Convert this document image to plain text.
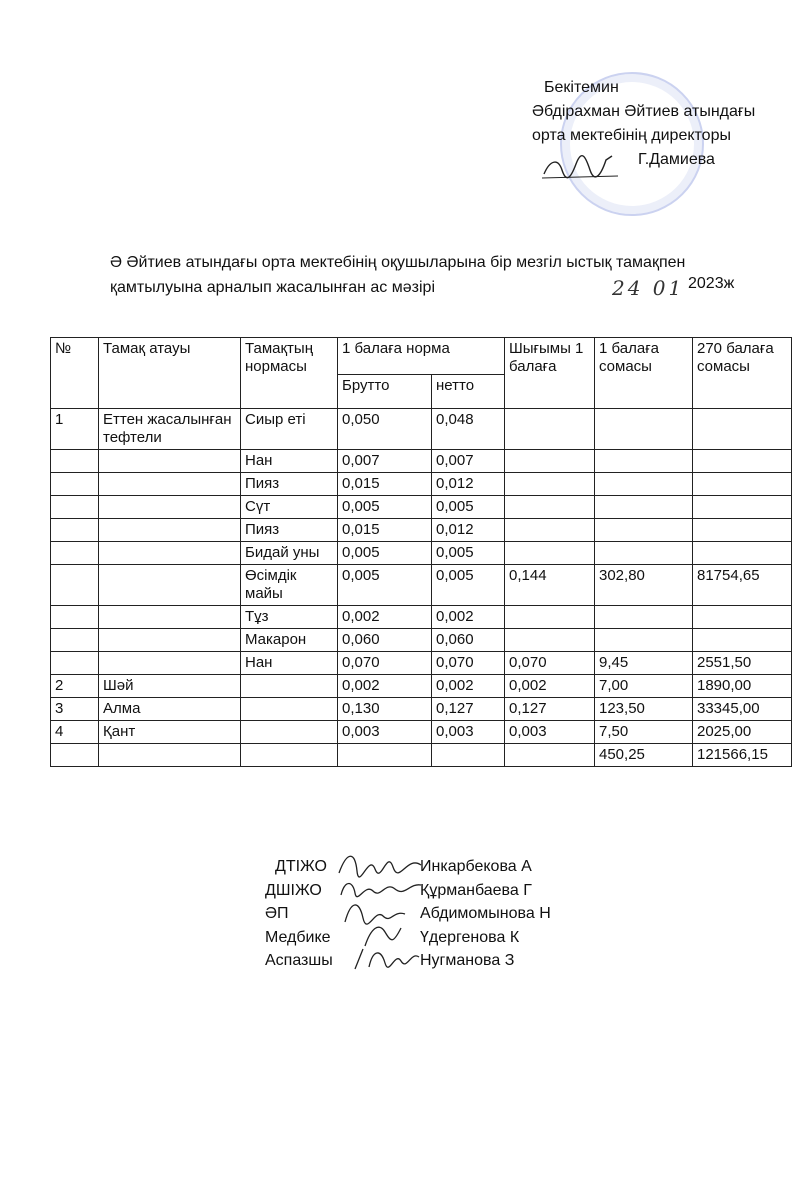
Бекітемин
Әбдірахман Әйтиев атындағы
орта мектебінің директоры
Г.Дамиева
Ә Әйтиев атындағы орта мектебінің оқушыларына бір мезгіл ыстық тамақпен
қамтылуына арналып жасалынған ас мәзірі	24 01 2023ж
№	Тамақ атауы	Тамақтың нормасы	1 балаға норма		Шығымы 1 балаға	1 балаға сомасы	270 балаға сомасы
			Брутто	нетто			
1	Еттен жасалынған тефтели	Сиыр еті	0,050	0,048			
		Нан	0,007	0,007			
		Пияз	0,015	0,012			
		Сүт	0,005	0,005			
		Пияз	0,015	0,012			
		Бидай уны	0,005	0,005			
		Өсімдік майы	0,005	0,005	0,144	302,80	81754,65
		Тұз	0,002	0,002			
		Макарон	0,060	0,060			
		Нан	0,070	0,070	0,070	9,45	2551,50
2	Шәй		0,002	0,002	0,002	7,00	1890,00
3	Алма		0,130	0,127	0,127	123,50	33345,00
4	Қант		0,003	0,003	0,003	7,50	2025,00
						450,25	121566,15
ДТІЖО	Инкарбекова А
ДШІЖО	Құрманбаева Г
ӘП	Абдимомынова Н
Медбике	Үдергенова К
Аспазшы	Нугманова З
